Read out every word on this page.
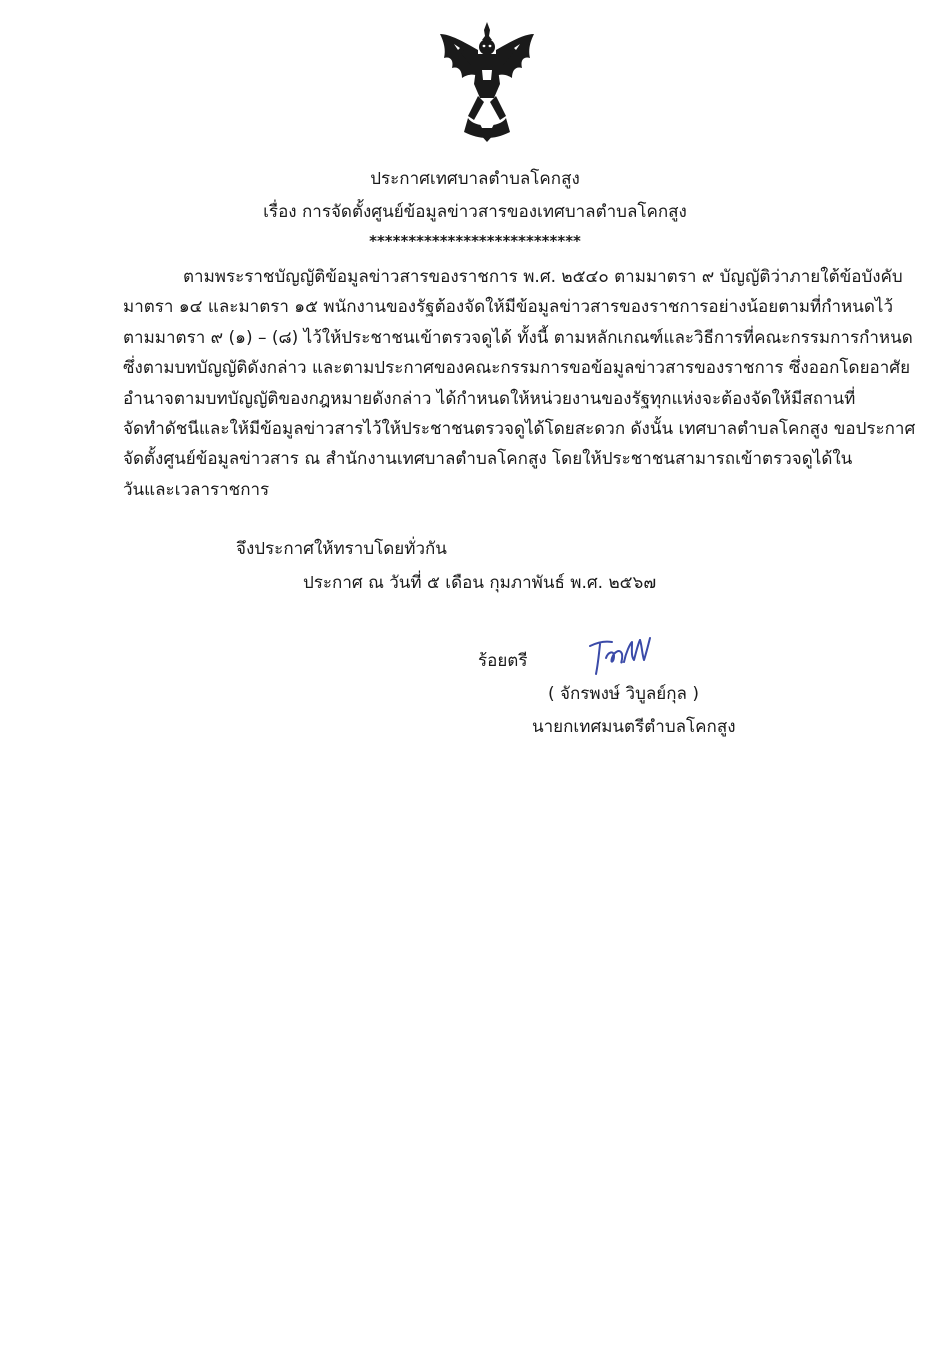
ประกาศเทศบาลตำบลโคกสูง
เรื่อง การจัดตั้งศูนย์ข้อมูลข่าวสารของเทศบาลตำบลโคกสูง
***************************
ตามพระราชบัญญัติข้อมูลข่าวสารของราชการ พ.ศ. ๒๕๔๐ ตามมาตรา ๙ บัญญัติว่าภายใต้ข้อบังคับ
มาตรา ๑๔ และมาตรา ๑๕ พนักงานของรัฐต้องจัดให้มีข้อมูลข่าวสารของราชการอย่างน้อยตามที่กำหนดไว้
ตามมาตรา ๙ (๑) – (๘) ไว้ให้ประชาชนเข้าตรวจดูได้ ทั้งนี้ ตามหลักเกณฑ์และวิธีการที่คณะกรรมการกำหนด
ซึ่งตามบทบัญญัติดังกล่าว และตามประกาศของคณะกรรมการขอข้อมูลข่าวสารของราชการ ซึ่งออกโดยอาศัย
อำนาจตามบทบัญญัติของกฎหมายดังกล่าว ได้กำหนดให้หน่วยงานของรัฐทุกแห่งจะต้องจัดให้มีสถานที่
จัดทำดัชนีและให้มีข้อมูลข่าวสารไว้ให้ประชาชนตรวจดูได้โดยสะดวก ดังนั้น เทศบาลตำบลโคกสูง ขอประกาศ
จัดตั้งศูนย์ข้อมูลข่าวสาร ณ สำนักงานเทศบาลตำบลโคกสูง โดยให้ประชาชนสามารถเข้าตรวจดูได้ใน
วันและเวลาราชการ
จึงประกาศให้ทราบโดยทั่วกัน
ประกาศ ณ วันที่ ๕ เดือน กุมภาพันธ์ พ.ศ. ๒๕๖๗
ร้อยตรี
( จักรพงษ์ วิบูลย์กุล )
นายกเทศมนตรีตำบลโคกสูง
